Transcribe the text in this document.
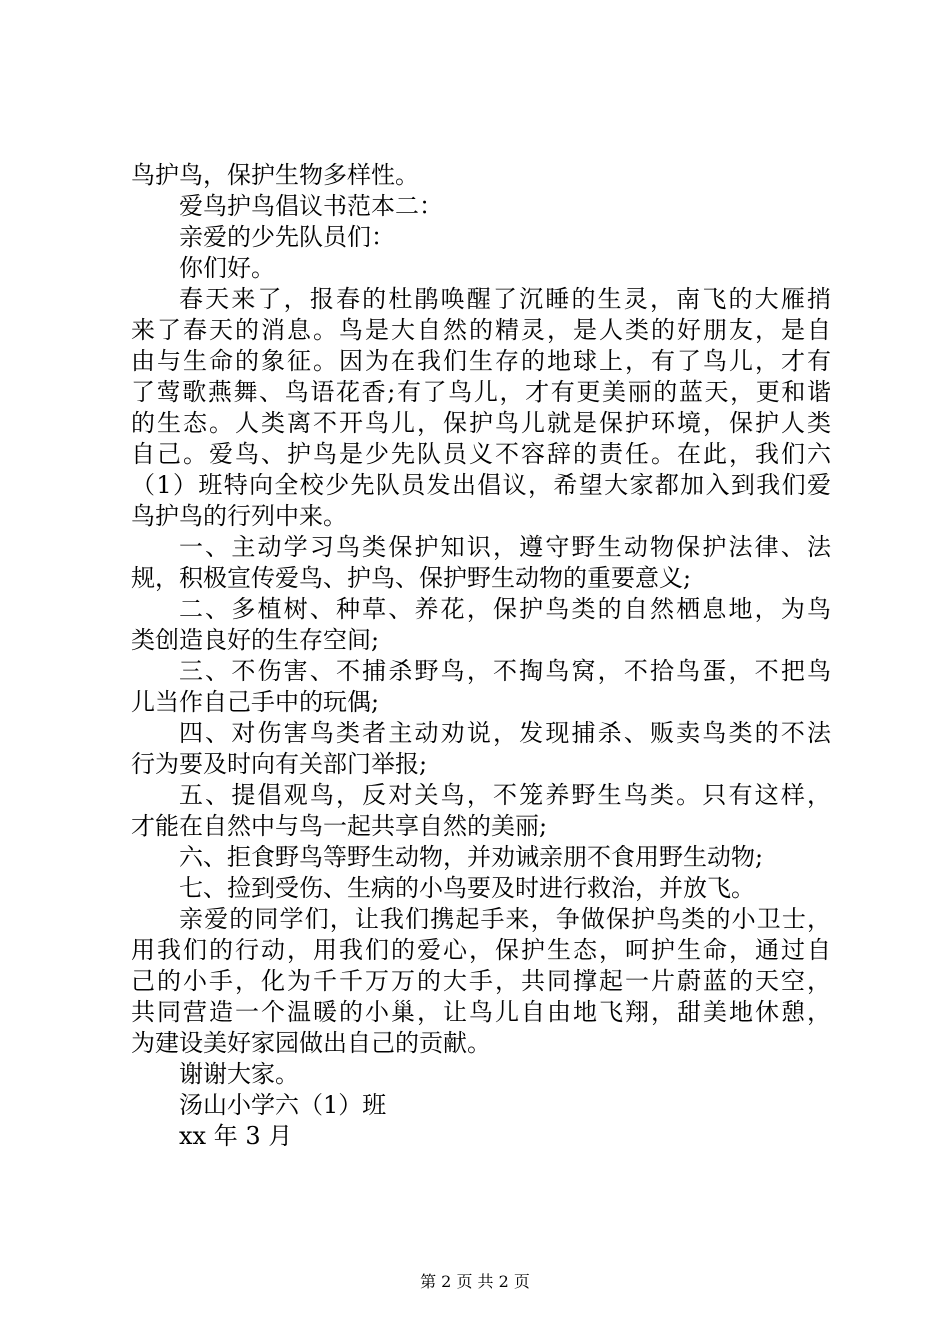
鸟护鸟，保护生物多样性。
爱鸟护鸟倡议书范本二：
亲爱的少先队员们：
你们好。
春天来了，报春的杜鹃唤醒了沉睡的生灵，南飞的大雁捎
来了春天的消息。鸟是大自然的精灵，是人类的好朋友，是自
由与生命的象征。因为在我们生存的地球上，有了鸟儿，才有
了莺歌燕舞、鸟语花香;有了鸟儿，才有更美丽的蓝天，更和谐
的生态。人类离不开鸟儿，保护鸟儿就是保护环境，保护人类
自己。爱鸟、护鸟是少先队员义不容辞的责任。在此，我们六
（1）班特向全校少先队员发出倡议，希望大家都加入到我们爱
鸟护鸟的行列中来。
一、主动学习鸟类保护知识，遵守野生动物保护法律、法
规，积极宣传爱鸟、护鸟、保护野生动物的重要意义;
二、多植树、种草、养花，保护鸟类的自然栖息地，为鸟
类创造良好的生存空间;
三、不伤害、不捕杀野鸟，不掏鸟窝，不拾鸟蛋，不把鸟
儿当作自己手中的玩偶;
四、对伤害鸟类者主动劝说，发现捕杀、贩卖鸟类的不法
行为要及时向有关部门举报;
五、提倡观鸟，反对关鸟，不笼养野生鸟类。只有这样，
才能在自然中与鸟一起共享自然的美丽;
六、拒食野鸟等野生动物，并劝诫亲朋不食用野生动物;
七、捡到受伤、生病的小鸟要及时进行救治，并放飞。
亲爱的同学们，让我们携起手来，争做保护鸟类的小卫士，
用我们的行动，用我们的爱心，保护生态，呵护生命，通过自
己的小手，化为千千万万的大手，共同撑起一片蔚蓝的天空，
共同营造一个温暖的小巢，让鸟儿自由地飞翔，甜美地休憩，
为建设美好家园做出自己的贡献。
谢谢大家。
汤山小学六（1）班
xx 年 3 月
第 2 页 共 2 页
